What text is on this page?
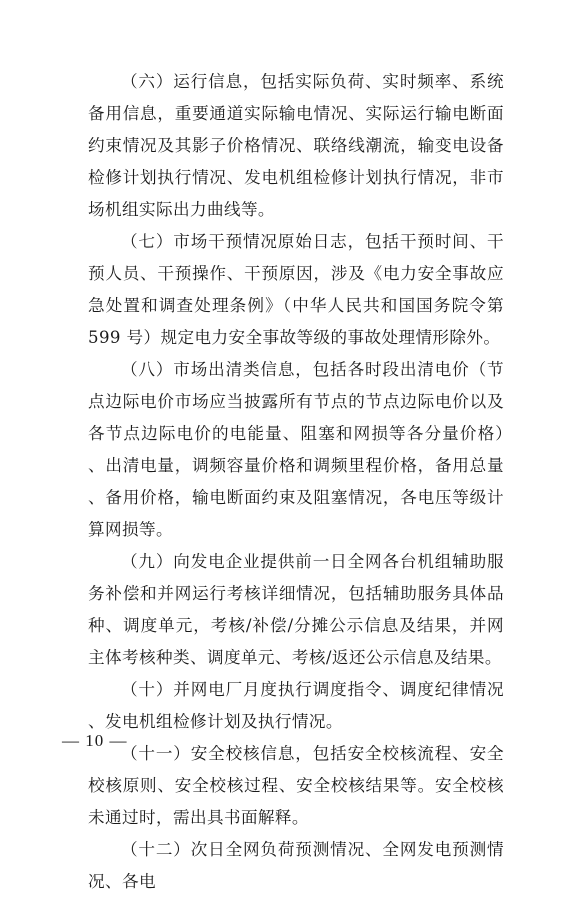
（六）运行信息，包括实际负荷、实时频率、系统备用信息，重要通道实际输电情况、实际运行输电断面约束情况及其影子价格情况、联络线潮流，输变电设备检修计划执行情况、发电机组检修计划执行情况，非市场机组实际出力曲线等。

（七）市场干预情况原始日志，包括干预时间、干预人员、干预操作、干预原因，涉及《电力安全事故应急处置和调查处理条例》（中华人民共和国国务院令第 599 号）规定电力安全事故等级的事故处理情形除外。

（八）市场出清类信息，包括各时段出清电价（节点边际电价市场应当披露所有节点的节点边际电价以及各节点边际电价的电能量、阻塞和网损等各分量价格）、出清电量，调频容量价格和调频里程价格，备用总量、备用价格，输电断面约束及阻塞情况，各电压等级计算网损等。

（九）向发电企业提供前一日全网各台机组辅助服务补偿和并网运行考核详细情况，包括辅助服务具体品种、调度单元，考核/补偿/分摊公示信息及结果，并网主体考核种类、调度单元、考核/返还公示信息及结果。

（十）并网电厂月度执行调度指令、调度纪律情况、发电机组检修计划及执行情况。

（十一）安全校核信息，包括安全校核流程、安全校核原则、安全校核过程、安全校核结果等。安全校核未通过时，需出具书面解释。

（十二）次日全网负荷预测情况、全网发电预测情况、各电

— 10 —
